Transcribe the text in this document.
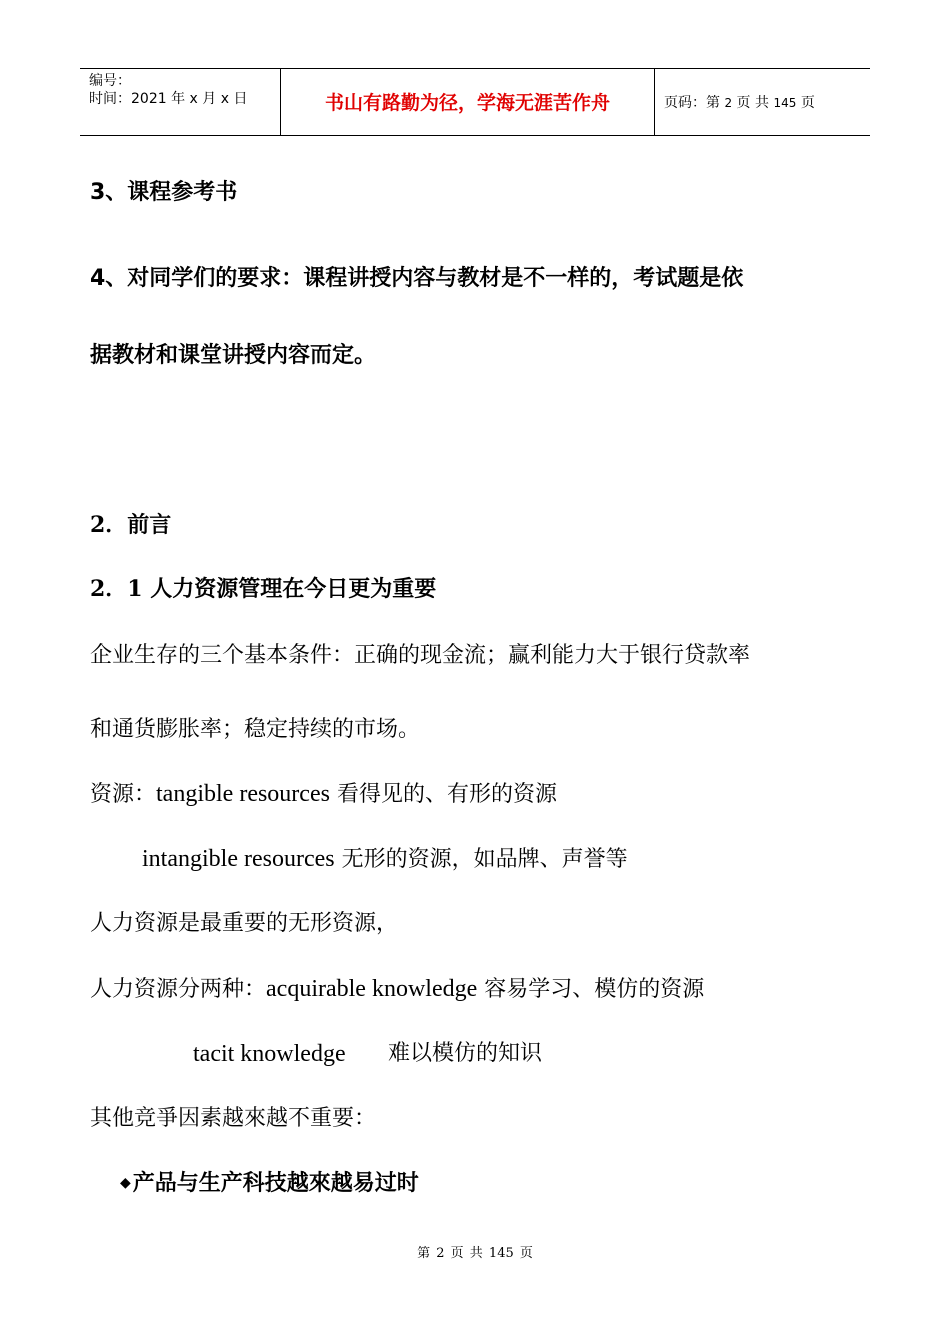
编号：
时间：2021 年 x 月 x 日	书山有路勤为径，学海无涯苦作舟	页码：第 2 页 共 145 页
3、课程参考书
4、对同学们的要求：课程讲授内容与教材是不一样的，考试题是依
据教材和课堂讲授内容而定。
2．前言
2．1 人力资源管理在今日更为重要
企业生存的三个基本条件：正确的现金流；赢利能力大于银行贷款率
和通货膨胀率；稳定持续的市场。
资源：tangible resources 看得见的、有形的资源
intangible resources 无形的资源，如品牌、声誉等
人力资源是最重要的无形资源，
人力资源分两种：acquirable knowledge 容易学习、模仿的资源
tacit knowledge 难以模仿的知识
其他竞爭因素越來越不重要：
◆产品与生产科技越來越易过时
第 2 页 共 145 页
